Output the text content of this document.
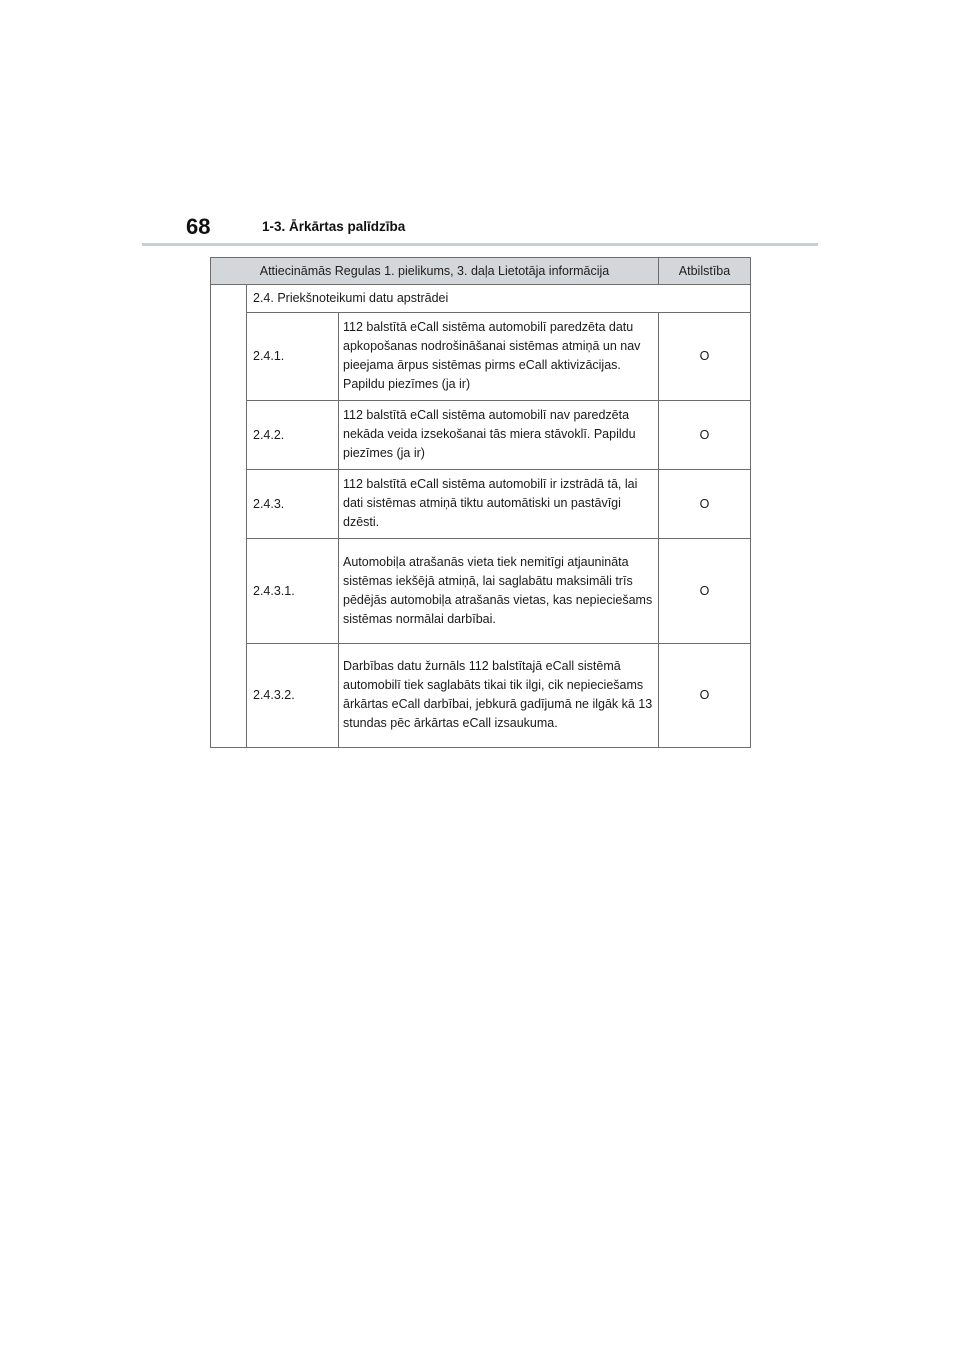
68	1-3. Ārkārtas palīdzība
Attiecināmās Regulas 1. pielikums, 3. daļa Lietotāja informācija			Atbilstība
	2.4. Priekšnoteikumi datu apstrādei		
	2.4.1.	112 balstītā eCall sistēma automobilī paredzēta datu apkopošanas nodrošināšanai sistēmas atmiņā un nav pieejama ārpus sistēmas pirms eCall aktivizācijas. Papildu piezīmes (ja ir)	O
	2.4.2.	112 balstītā eCall sistēma automobilī nav paredzēta nekāda veida izsekošanai tās miera stāvoklī. Papildu piezīmes (ja ir)	O
	2.4.3.	112 balstītā eCall sistēma automobilī ir izstrādā tā, lai dati sistēmas atmiņā tiktu automātiski un pastāvīgi dzēsti.	O
	2.4.3.1.	Automobiļa atrašanās vieta tiek nemitīgi atjaunināta sistēmas iekšējā atmiņā, lai saglabātu maksimāli trīs pēdējās automobiļa atrašanās vietas, kas nepieciešams sistēmas normālai darbībai.	O
	2.4.3.2.	Darbības datu žurnāls 112 balstītajā eCall sistēmā automobilī tiek saglabāts tikai tik ilgi, cik nepieciešams ārkārtas eCall darbībai, jebkurā gadījumā ne ilgāk kā 13 stundas pēc ārkārtas eCall izsaukuma.	O
